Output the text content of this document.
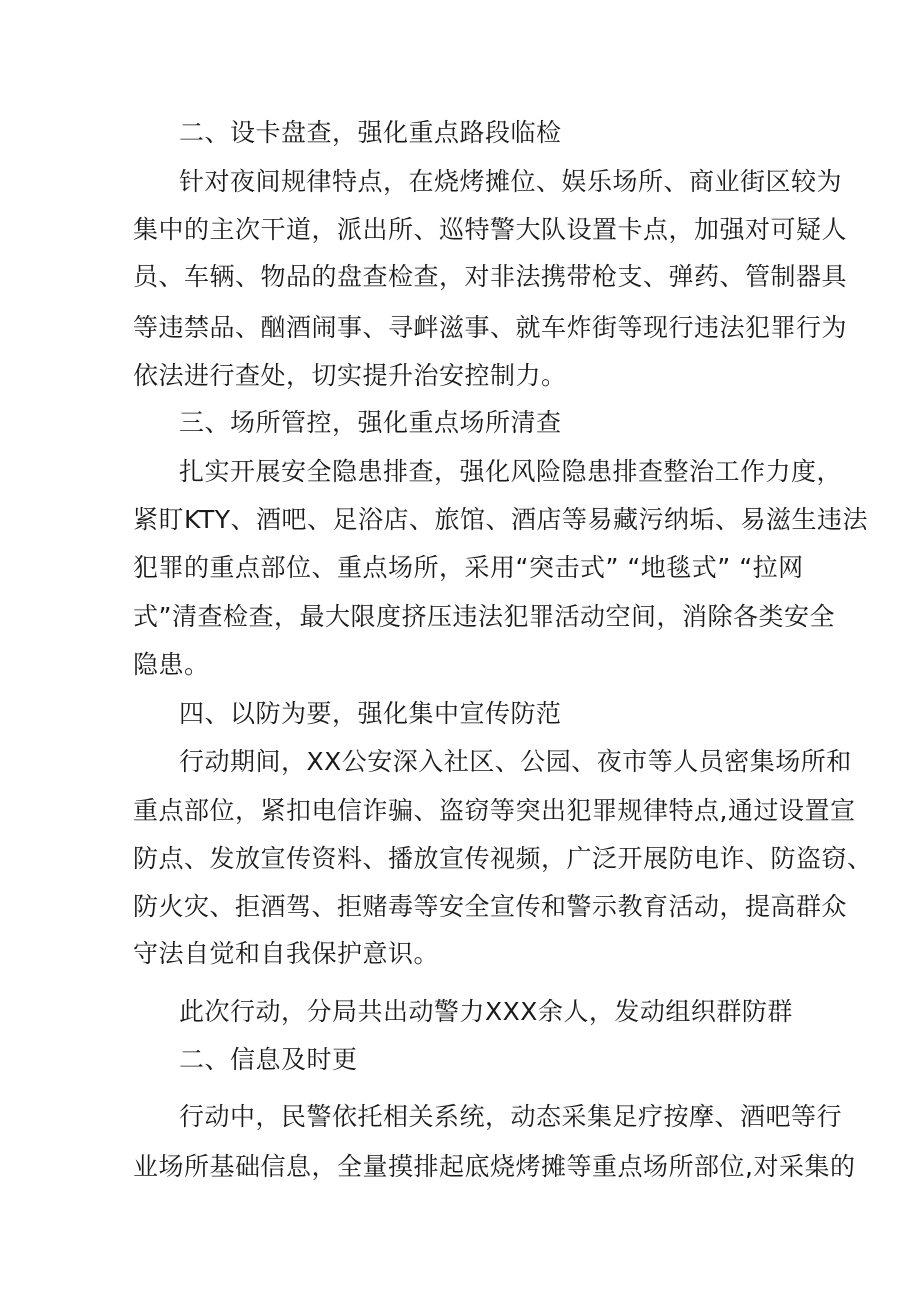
二、设卡盘查，强化重点路段临检
针对夜间规律特点，在烧烤摊位、娱乐场所、商业街区较为
集中的主次干道，派出所、巡特警大队设置卡点，加强对可疑人
员、车辆、物品的盘查检查，对非法携带枪支、弹药、管制器具
等违禁品、酗酒闹事、寻衅滋事、就车炸街等现行违法犯罪行为
依法进行查处，切实提升治安控制力。
三、场所管控，强化重点场所清查
扎实开展安全隐患排查，强化风险隐患排查整治工作力度，
紧盯KTY、酒吧、足浴店、旅馆、酒店等易藏污纳垢、易滋生违法
犯罪的重点部位、重点场所，采用“突击式” “地毯式” “拉网
式”清查检查，最大限度挤压违法犯罪活动空间，消除各类安全
隐患。
四、以防为要，强化集中宣传防范
行动期间，XX公安深入社区、公园、夜市等人员密集场所和
重点部位，紧扣电信诈骗、盗窃等突出犯罪规律特点,通过设置宣
防点、发放宣传资料、播放宣传视频，广泛开展防电诈、防盗窃、
防火灾、拒酒驾、拒赌毒等安全宣传和警示教育活动，提高群众
守法自觉和自我保护意识。
此次行动，分局共出动警力XXX余人，发动组织群防群
二、信息及时更
行动中，民警依托相关系统，动态采集足疗按摩、酒吧等行
业场所基础信息，全量摸排起底烧烤摊等重点场所部位,对采集的
